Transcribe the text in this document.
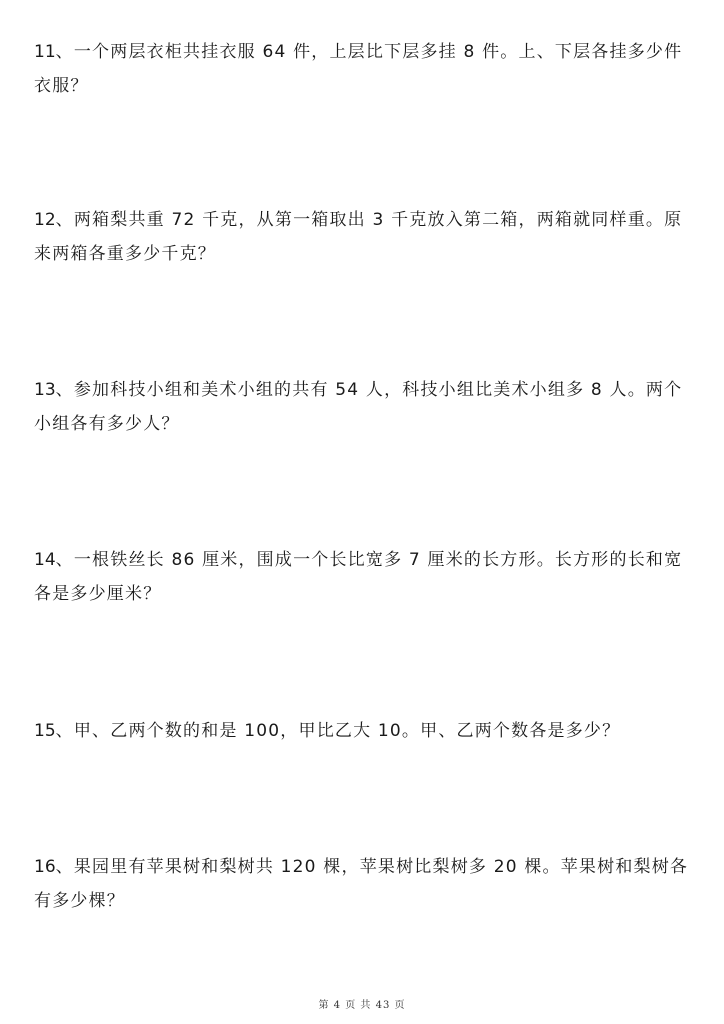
11、一个两层衣柜共挂衣服 64 件，上层比下层多挂 8 件。上、下层各挂多少件衣服？
12、两箱梨共重 72 千克，从第一箱取出 3 千克放入第二箱，两箱就同样重。原来两箱各重多少千克？
13、参加科技小组和美术小组的共有 54 人，科技小组比美术小组多 8 人。两个小组各有多少人？
14、一根铁丝长 86 厘米，围成一个长比宽多 7 厘米的长方形。长方形的长和宽各是多少厘米？
15、甲、乙两个数的和是 100，甲比乙大 10。甲、乙两个数各是多少？
16、果园里有苹果树和梨树共 120 棵，苹果树比梨树多 20 棵。苹果树和梨树各有多少棵？
第 4 页 共 43 页
